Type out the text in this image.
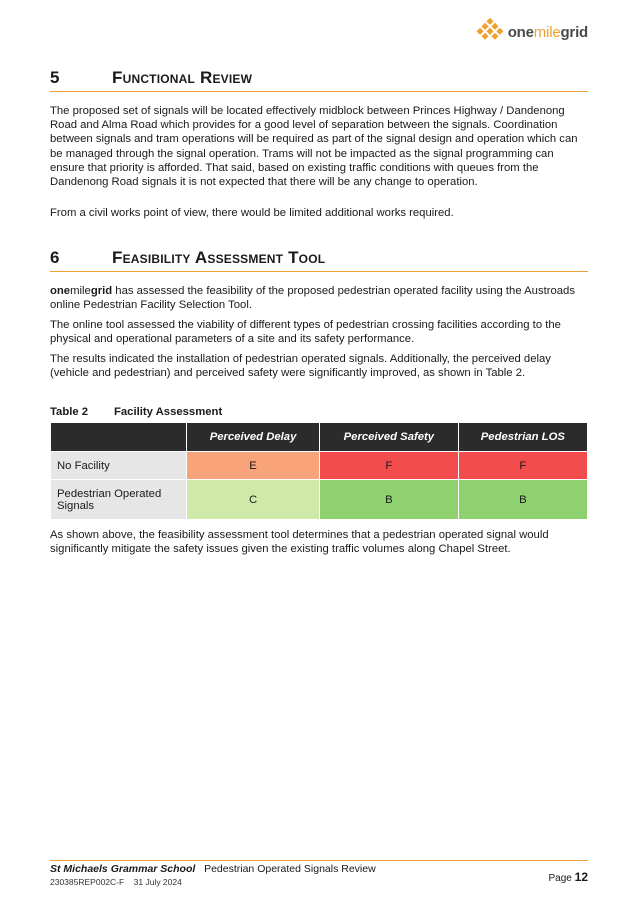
onemilegrid
5	Functional Review

The proposed set of signals will be located effectively midblock between Princes Highway / Dandenong Road and Alma Road which provides for a good level of separation between the signals. Coordination between signals and tram operations will be required as part of the signal design and operation which can be managed through the signal operation. Trams will not be impacted as the signal programming can ensure that priority is afforded. That said, based on existing traffic conditions with queues from the Dandenong Road signals it is not expected that there will be any change to operation.

From a civil works point of view, there would be limited additional works required.

6	Feasibility Assessment Tool

onemilegrid has assessed the feasibility of the proposed pedestrian operated facility using the Austroads online Pedestrian Facility Selection Tool.

The online tool assessed the viability of different types of pedestrian crossing facilities according to the physical and operational parameters of a site and its safety performance.

The results indicated the installation of pedestrian operated signals. Additionally, the perceived delay (vehicle and pedestrian) and perceived safety were significantly improved, as shown in Table 2.

Table 2	Facility Assessment
	Perceived Delay	Perceived Safety	Pedestrian LOS
No Facility	E	F	F
Pedestrian Operated Signals	C	B	B

As shown above, the feasibility assessment tool determines that a pedestrian operated signal would significantly mitigate the safety issues given the existing traffic volumes along Chapel Street.

St Michaels Grammar School Pedestrian Operated Signals Review
230385REP002C-F 31 July 2024	Page 12
